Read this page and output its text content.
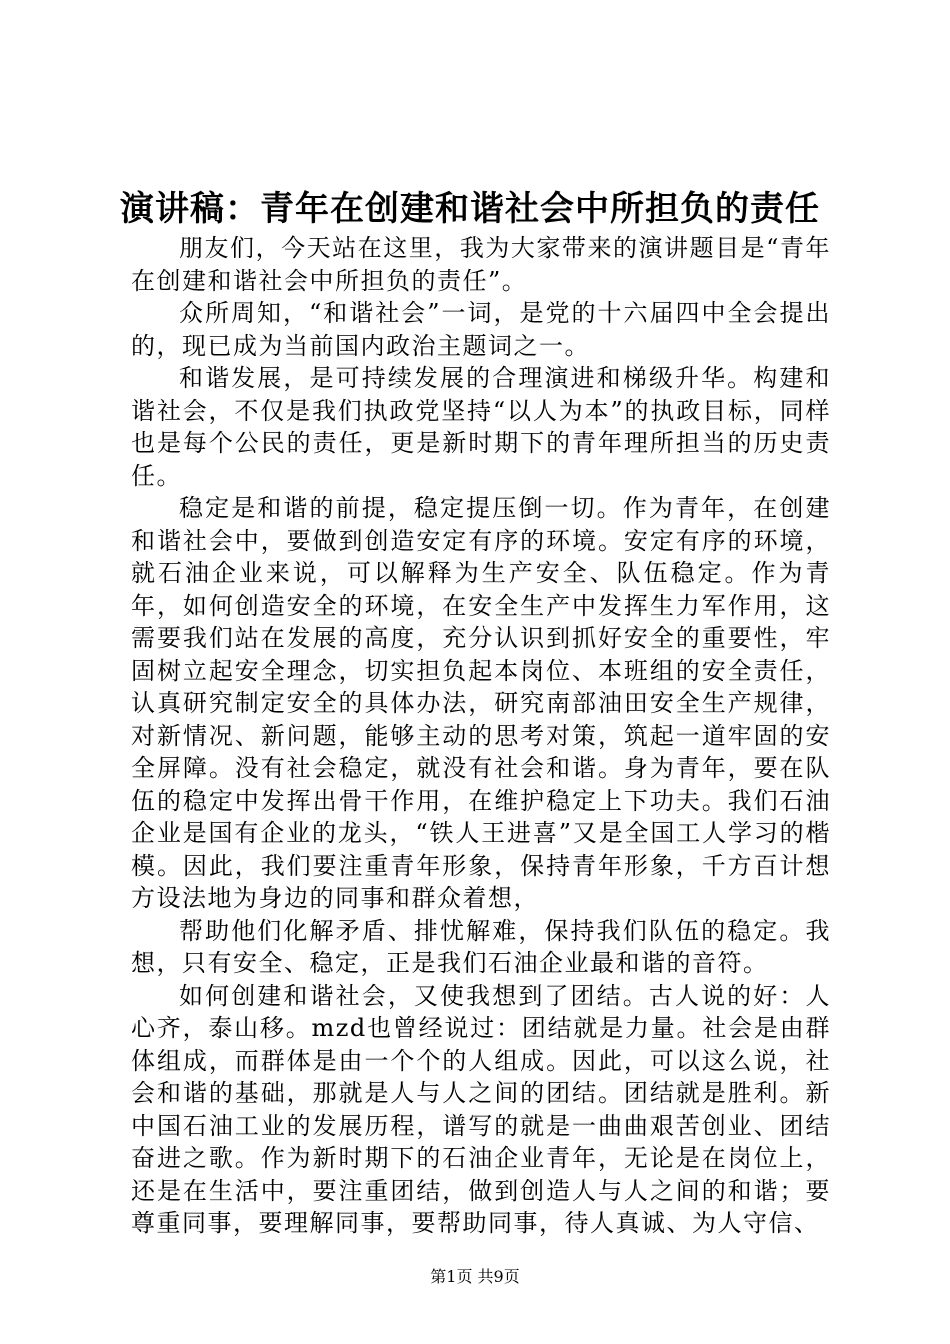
演讲稿：青年在创建和谐社会中所担负的责任

朋友们，今天站在这里，我为大家带来的演讲题目是“青年在创建和谐社会中所担负的责任”。

众所周知，“和谐社会”一词，是党的十六届四中全会提出的，现已成为当前国内政治主题词之一。

和谐发展，是可持续发展的合理演进和梯级升华。构建和谐社会，不仅是我们执政党坚持“以人为本”的执政目标，同样也是每个公民的责任，更是新时期下的青年理所担当的历史责任。

稳定是和谐的前提，稳定提压倒一切。作为青年，在创建和谐社会中，要做到创造安定有序的环境。安定有序的环境，就石油企业来说，可以解释为生产安全、队伍稳定。作为青年，如何创造安全的环境，在安全生产中发挥生力军作用，这需要我们站在发展的高度，充分认识到抓好安全的重要性，牢固树立起安全理念，切实担负起本岗位、本班组的安全责任，认真研究制定安全的具体办法，研究南部油田安全生产规律，对新情况、新问题，能够主动的思考对策，筑起一道牢固的安全屏障。没有社会稳定，就没有社会和谐。身为青年，要在队伍的稳定中发挥出骨干作用，在维护稳定上下功夫。我们石油企业是国有企业的龙头，“铁人王进喜”又是全国工人学习的楷模。因此，我们要注重青年形象，保持青年形象，千方百计想方设法地为身边的同事和群众着想，

帮助他们化解矛盾、排忧解难，保持我们队伍的稳定。我想，只有安全、稳定，正是我们石油企业最和谐的音符。

如何创建和谐社会，又使我想到了团结。古人说的好：人心齐，泰山移。mzd也曾经说过：团结就是力量。社会是由群体组成，而群体是由一个个的人组成。因此，可以这么说，社会和谐的基础，那就是人与人之间的团结。团结就是胜利。新中国石油工业的发展历程，谱写的就是一曲曲艰苦创业、团结奋进之歌。作为新时期下的石油企业青年，无论是在岗位上，还是在生活中，要注重团结，做到创造人与人之间的和谐；要尊重同事，要理解同事，要帮助同事，待人真诚、为人守信、

第1页 共9页
